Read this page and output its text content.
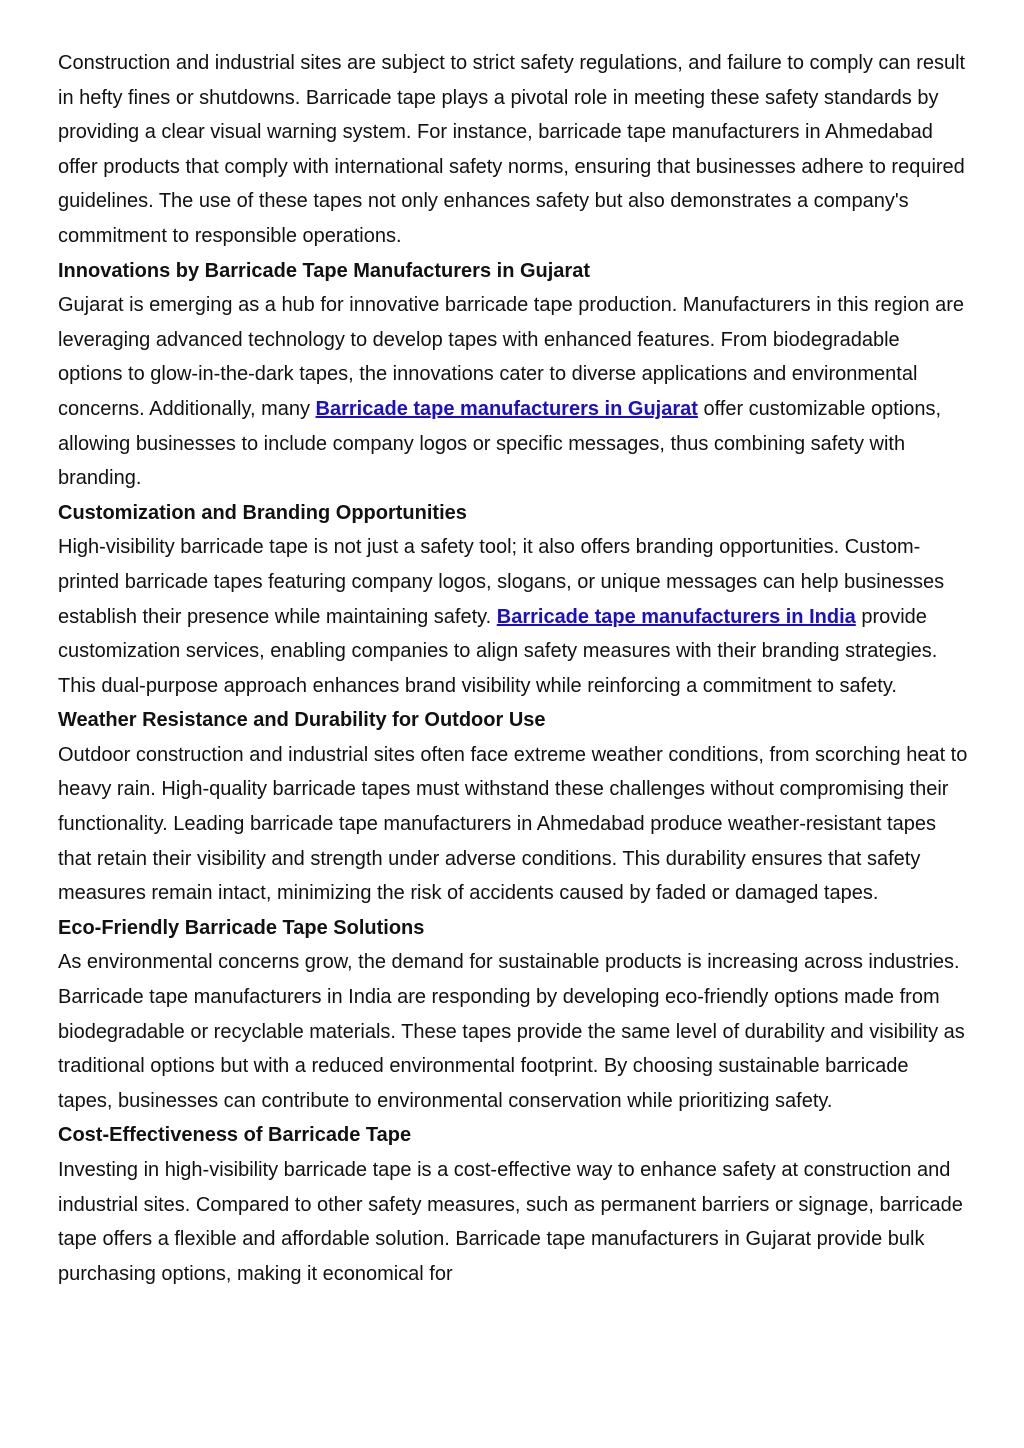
Construction and industrial sites are subject to strict safety regulations, and failure to comply can result in hefty fines or shutdowns. Barricade tape plays a pivotal role in meeting these safety standards by providing a clear visual warning system. For instance, barricade tape manufacturers in Ahmedabad offer products that comply with international safety norms, ensuring that businesses adhere to required guidelines. The use of these tapes not only enhances safety but also demonstrates a company's commitment to responsible operations.

Innovations by Barricade Tape Manufacturers in Gujarat

Gujarat is emerging as a hub for innovative barricade tape production. Manufacturers in this region are leveraging advanced technology to develop tapes with enhanced features. From biodegradable options to glow-in-the-dark tapes, the innovations cater to diverse applications and environmental concerns. Additionally, many Barricade tape manufacturers in Gujarat offer customizable options, allowing businesses to include company logos or specific messages, thus combining safety with branding.

Customization and Branding Opportunities

High-visibility barricade tape is not just a safety tool; it also offers branding opportunities. Custom-printed barricade tapes featuring company logos, slogans, or unique messages can help businesses establish their presence while maintaining safety. Barricade tape manufacturers in India provide customization services, enabling companies to align safety measures with their branding strategies. This dual-purpose approach enhances brand visibility while reinforcing a commitment to safety.

Weather Resistance and Durability for Outdoor Use

Outdoor construction and industrial sites often face extreme weather conditions, from scorching heat to heavy rain. High-quality barricade tapes must withstand these challenges without compromising their functionality. Leading barricade tape manufacturers in Ahmedabad produce weather-resistant tapes that retain their visibility and strength under adverse conditions. This durability ensures that safety measures remain intact, minimizing the risk of accidents caused by faded or damaged tapes.

Eco-Friendly Barricade Tape Solutions

As environmental concerns grow, the demand for sustainable products is increasing across industries. Barricade tape manufacturers in India are responding by developing eco-friendly options made from biodegradable or recyclable materials. These tapes provide the same level of durability and visibility as traditional options but with a reduced environmental footprint. By choosing sustainable barricade tapes, businesses can contribute to environmental conservation while prioritizing safety.

Cost-Effectiveness of Barricade Tape

Investing in high-visibility barricade tape is a cost-effective way to enhance safety at construction and industrial sites. Compared to other safety measures, such as permanent barriers or signage, barricade tape offers a flexible and affordable solution. Barricade tape manufacturers in Gujarat provide bulk purchasing options, making it economical for
